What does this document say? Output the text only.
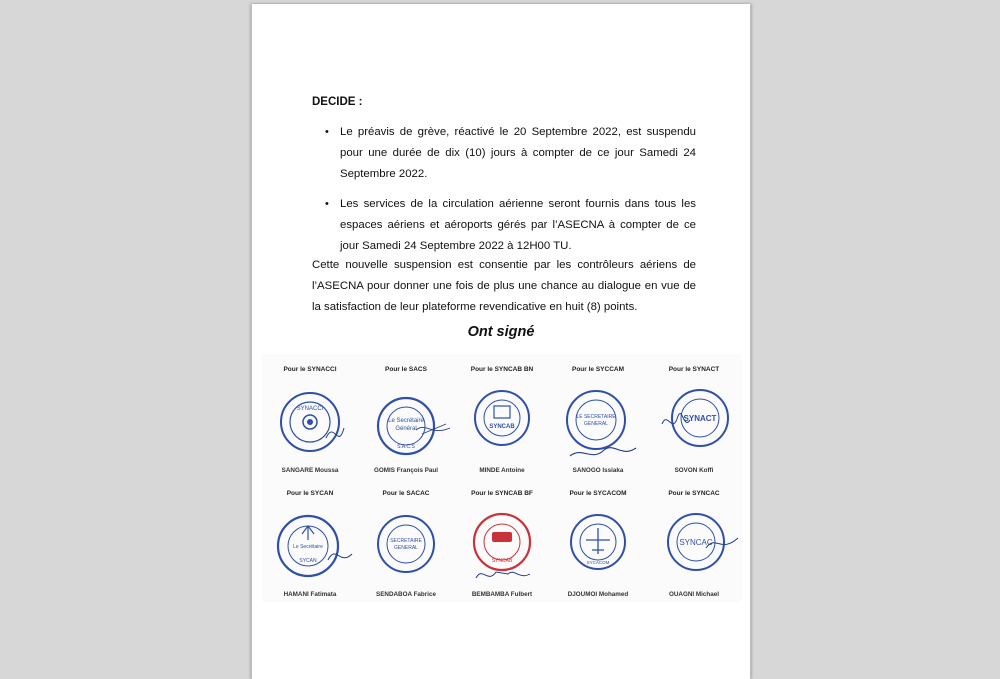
DECIDE :
• Le préavis de grève, réactivé le 20 Septembre 2022, est suspendu pour une durée de dix (10) jours à compter de ce jour Samedi 24 Septembre 2022.
• Les services de la circulation aérienne seront fournis dans tous les espaces aériens et aéroports gérés par l’ASECNA à compter de ce jour Samedi 24 Septembre 2022 à 12H00 TU.
Cette nouvelle suspension est consentie par les contrôleurs aériens de l’ASECNA pour donner une fois de plus une chance au dialogue en vue de la satisfaction de leur plateforme revendicative en huit (8) points.
Ont signé
Pour le SYNACCI
SYNACCI
SANGARE Moussa
Pour le SACS
Le Secrétaire
Général
S.A.C.S
GOMIS François Paul
Pour le SYNCAB BN
SYNCAB
MINDE Antoine
Pour le SYCCAM
LE SECRETAIRE
GENERAL
SANOGO Issiaka
Pour le SYNACT
SYNACT
SOVON Koffi
Pour le SYCAN
Le Secrétaire
SYCAN
HAMANI Fatimata
Pour le SACAC
SECRETAIRE
GENERAL
SENDABOA Fabrice
Pour le SYNCAB BF
SYNCAB
BEMBAMBA Fulbert
Pour le SYCACOM
SYCACOM
DJOUMOI Mohamed
Pour le SYNCAC
SYNCAC
OUAGNI Michael
